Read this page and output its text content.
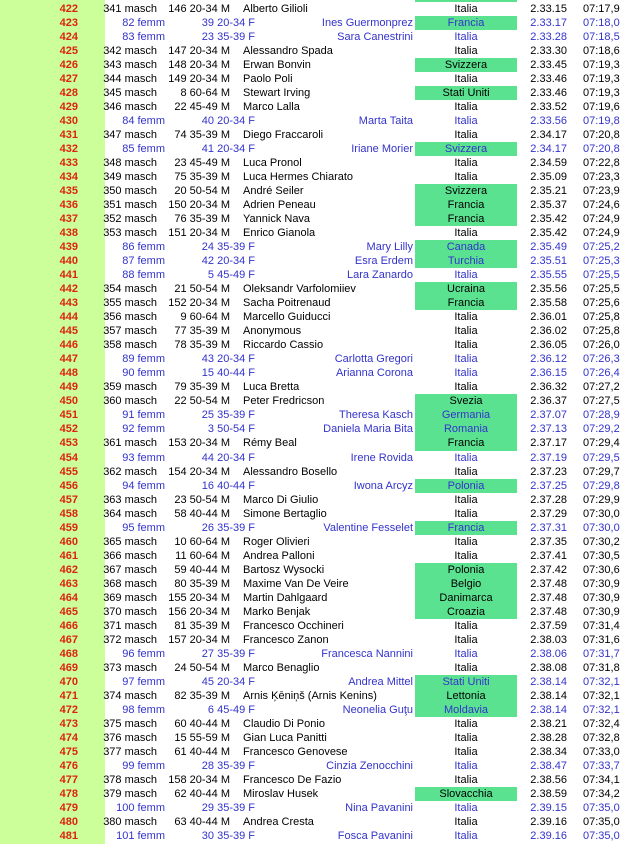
422	341 masch	146 20-34 M	Alberto Gilioli	Italia	2.33.15 07:17,9
423	82 femm	39 20-34 F	Ines Guermonprez	Francia	2.33.17 07:18,0
424	83 femm	23 35-39 F	Sara Canestrini	Italia	2.33.28 07:18,5
425	342 masch	147 20-34 M	Alessandro Spada	Italia	2.33.30 07:18,6
426	343 masch	148 20-34 M	Erwan Bonvin	Svizzera	2.33.45 07:19,3
427	344 masch	149 20-34 M	Paolo Poli	Italia	2.33.46 07:19,3
428	345 masch	8 60-64 M	Stewart Irving	Stati Uniti	2.33.46 07:19,3
429	346 masch	22 45-49 M	Marco Lalla	Italia	2.33.52 07:19,6
430	84 femm	40 20-34 F	Marta Taita	Italia	2.33.56 07:19,8
431	347 masch	74 35-39 M	Diego Fraccaroli	Italia	2.34.17 07:20,8
432	85 femm	41 20-34 F	Iriane Morier	Svizzera	2.34.17 07:20,8
433	348 masch	23 45-49 M	Luca Pronol	Italia	2.34.59 07:22,8
434	349 masch	75 35-39 M	Luca Hermes Chiarato	Italia	2.35.09 07:23,3
435	350 masch	20 50-54 M	André Seiler	Svizzera	2.35.21 07:23,9
436	351 masch	150 20-34 M	Adrien Peneau	Francia	2.35.37 07:24,6
437	352 masch	76 35-39 M	Yannick Nava	Francia	2.35.42 07:24,9
438	353 masch	151 20-34 M	Enrico Gianola	Italia	2.35.42 07:24,9
439	86 femm	24 35-39 F	Mary Lilly	Canada	2.35.49 07:25,2
440	87 femm	42 20-34 F	Esra Erdem	Turchia	2.35.51 07:25,3
441	88 femm	5 45-49 F	Lara Zanardo	Italia	2.35.55 07:25,5
442	354 masch	21 50-54 M	Oleksandr Varfolomiiev	Ucraina	2.35.56 07:25,5
443	355 masch	152 20-34 M	Sacha Poitrenaud	Francia	2.35.58 07:25,6
444	356 masch	9 60-64 M	Marcello Guiducci	Italia	2.36.01 07:25,8
445	357 masch	77 35-39 M	Anonymous	Italia	2.36.02 07:25,8
446	358 masch	78 35-39 M	Riccardo Cassio	Italia	2.36.05 07:26,0
447	89 femm	43 20-34 F	Carlotta Gregori	Italia	2.36.12 07:26,3
448	90 femm	15 40-44 F	Arianna Corona	Italia	2.36.15 07:26,4
449	359 masch	79 35-39 M	Luca Bretta	Italia	2.36.32 07:27,2
450	360 masch	22 50-54 M	Peter Fredricson	Svezia	2.36.37 07:27,5
451	91 femm	25 35-39 F	Theresa Kasch	Germania	2.37.07 07:28,9
452	92 femm	3 50-54 F	Daniela Maria Bita	Romania	2.37.13 07:29,2
453	361 masch	153 20-34 M	Rémy Beal	Francia	2.37.17 07:29,4
454	93 femm	44 20-34 F	Irene Rovida	Italia	2.37.19 07:29,5
455	362 masch	154 20-34 M	Alessandro Bosello	Italia	2.37.23 07:29,7
456	94 femm	16 40-44 F	Iwona Arcyz	Polonia	2.37.25 07:29,8
457	363 masch	23 50-54 M	Marco Di Giulio	Italia	2.37.28 07:29,9
458	364 masch	58 40-44 M	Simone Bertaglio	Italia	2.37.29 07:30,0
459	95 femm	26 35-39 F	Valentine Fesselet	Francia	2.37.31 07:30,0
460	365 masch	10 60-64 M	Roger Olivieri	Italia	2.37.35 07:30,2
461	366 masch	11 60-64 M	Andrea Palloni	Italia	2.37.41 07:30,5
462	367 masch	59 40-44 M	Bartosz Wysocki	Polonia	2.37.42 07:30,6
463	368 masch	80 35-39 M	Maxime Van De Veire	Belgio	2.37.48 07:30,9
464	369 masch	155 20-34 M	Martin Dahlgaard	Danimarca	2.37.48 07:30,9
465	370 masch	156 20-34 M	Marko Benjak	Croazia	2.37.48 07:30,9
466	371 masch	81 35-39 M	Francesco Occhineri	Italia	2.37.59 07:31,4
467	372 masch	157 20-34 M	Francesco Zanon	Italia	2.38.03 07:31,6
468	96 femm	27 35-39 F	Francesca Nannini	Italia	2.38.06 07:31,7
469	373 masch	24 50-54 M	Marco Benaglio	Italia	2.38.08 07:31,8
470	97 femm	45 20-34 F	Andrea Mittel	Stati Uniti	2.38.14 07:32,1
471	374 masch	82 35-39 M	Arnis Ķēniņš (Arnis Kenins)	Lettonia	2.38.14 07:32,1
472	98 femm	6 45-49 F	Neonelia Guţu	Moldavia	2.38.14 07:32,1
473	375 masch	60 40-44 M	Claudio Di Ponio	Italia	2.38.21 07:32,4
474	376 masch	15 55-59 M	Gian Luca Panitti	Italia	2.38.28 07:32,8
475	377 masch	61 40-44 M	Francesco Genovese	Italia	2.38.34 07:33,0
476	99 femm	28 35-39 F	Cinzia Zenocchini	Italia	2.38.47 07:33,7
477	378 masch	158 20-34 M	Francesco De Fazio	Italia	2.38.56 07:34,1
478	379 masch	62 40-44 M	Miroslav Husek	Slovacchia	2.38.59 07:34,2
479	100 femm	29 35-39 F	Nina Pavanini	Italia	2.39.15 07:35,0
480	380 masch	63 40-44 M	Andrea Cresta	Italia	2.39.16 07:35,0
481	101 femm	30 35-39 F	Fosca Pavanini	Italia	2.39.16 07:35,0
